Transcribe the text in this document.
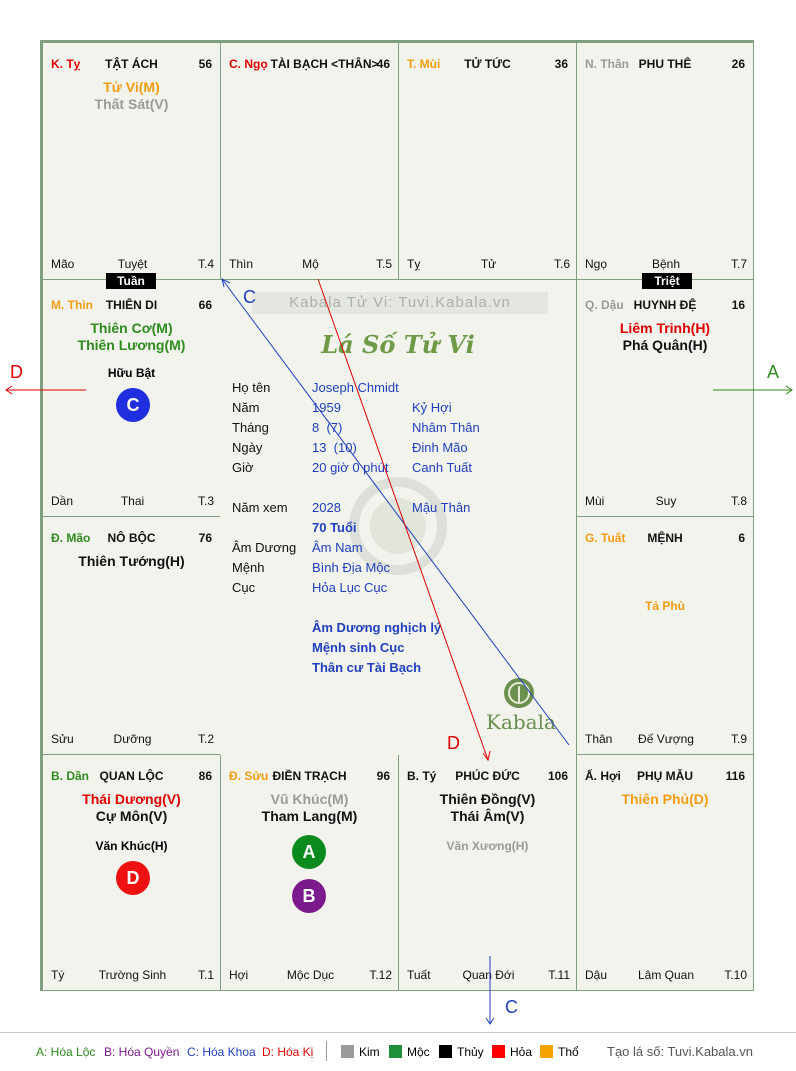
K. Tỵ	TẬT ÁCH	56
Tử Vi(M)
Thất Sát(V)
Mão	Tuyệt	T.4
C. Ngọ TÀI BẠCH <THÂN>
46
Thìn	Mộ	T.5
T. Mùi	TỬ TỨC	36
Tỵ	Tử	T.6
N. Thân PHU THÊ	26
Ngọ	Bệnh	T.7
M. Thìn	THIÊN DI	66
Thiên Cơ(M)
Thiên Lương(M)
Hữu Bật
C
Dần	Thai	T.3
Q. Dậu HUYNH ĐỆ	16
Liêm Trinh(H)
Phá Quân(H)
Mùi	Suy	T.8
Đ. Mão	NÔ BỘC	76
Thiên Tướng(H)
Sửu	Dưỡng	T.2
G. Tuất	MỆNH	6
Tả Phù
Thân	Đế Vượng	T.9
B. Dần QUAN LỘC	86
Thái Dương(V)
Cự Môn(V)
Văn Khúc(H)
D
Tý	Trường Sinh	T.1
Đ. Sửu ĐIỀN TRẠCH	96
Vũ Khúc(M)
Tham Lang(M)
A
B
Hợi	Mộc Dục	T.12
B. Tý	PHÚC ĐỨC	106
Thiên Đồng(V)
Thái Âm(V)
Văn Xương(H)
Tuất	Quan Đới	T.11
Ấ. Hợi	PHỤ MẪU	116
Thiên Phủ(D)
Dậu	Lâm Quan	T.10
Kabala Tử Vi: Tuvi.Kabala.vn
Lá Số Tử Vi
Họ tên	Joseph Chmidt
Năm	1959	Kỷ Hợi
Tháng	8  (7)	Nhâm Thân
Ngày	13  (10)	Đinh Mão
Giờ	20 giờ 0 phút Canh Tuất
Năm xem 2028	Mậu Thân
70 Tuổi
Âm Dương Âm Nam
Mệnh	Bình Địa Mộc
Cục	Hỏa Lục Cục
Âm Dương nghịch lý
Mệnh sinh Cục
Thân cư Tài Bạch
Kabala
Tuần	Triệt
D	A
C
D
C
A: Hóa Lộc B: Hóa Quyền C: Hóa Khoa D: Hóa Kị	Kim	Mộc	Thủy	Hỏa	Thổ Tạo lá số: Tuvi.Kabala.vn
